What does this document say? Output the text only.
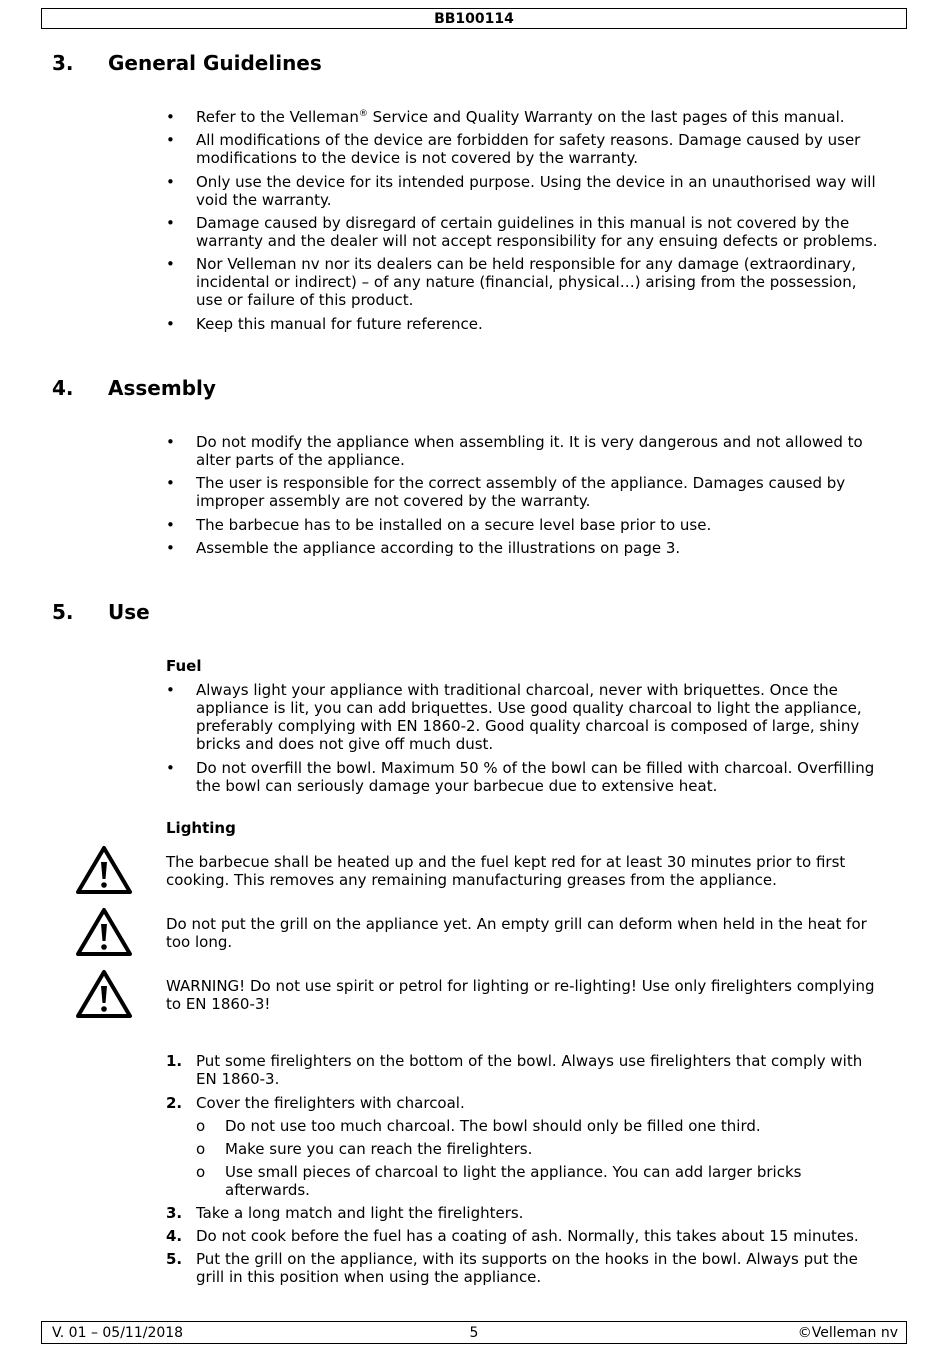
BB100114
3. General Guidelines
• Refer to the Velleman® Service and Quality Warranty on the last pages of this manual.
• All modifications of the device are forbidden for safety reasons. Damage caused by user modifications to the device is not covered by the warranty.
• Only use the device for its intended purpose. Using the device in an unauthorised way will void the warranty.
• Damage caused by disregard of certain guidelines in this manual is not covered by the warranty and the dealer will not accept responsibility for any ensuing defects or problems.
• Nor Velleman nv nor its dealers can be held responsible for any damage (extraordinary, incidental or indirect) – of any nature (financial, physical…) arising from the possession, use or failure of this product.
• Keep this manual for future reference.
4. Assembly
• Do not modify the appliance when assembling it. It is very dangerous and not allowed to alter parts of the appliance.
• The user is responsible for the correct assembly of the appliance. Damages caused by improper assembly are not covered by the warranty.
• The barbecue has to be installed on a secure level base prior to use.
• Assemble the appliance according to the illustrations on page 3.
5. Use
Fuel
• Always light your appliance with traditional charcoal, never with briquettes. Once the appliance is lit, you can add briquettes. Use good quality charcoal to light the appliance, preferably complying with EN 1860-2. Good quality charcoal is composed of large, shiny bricks and does not give off much dust.
• Do not overfill the bowl. Maximum 50 % of the bowl can be filled with charcoal. Overfilling the bowl can seriously damage your barbecue due to extensive heat.
Lighting
The barbecue shall be heated up and the fuel kept red for at least 30 minutes prior to first cooking. This removes any remaining manufacturing greases from the appliance.
Do not put the grill on the appliance yet. An empty grill can deform when held in the heat for too long.
WARNING! Do not use spirit or petrol for lighting or re-lighting! Use only firelighters complying to EN 1860-3!
1. Put some firelighters on the bottom of the bowl. Always use firelighters that comply with EN 1860-3.
2. Cover the firelighters with charcoal.
o Do not use too much charcoal. The bowl should only be filled one third.
o Make sure you can reach the firelighters.
o Use small pieces of charcoal to light the appliance. You can add larger bricks afterwards.
3. Take a long match and light the firelighters.
4. Do not cook before the fuel has a coating of ash. Normally, this takes about 15 minutes.
5. Put the grill on the appliance, with its supports on the hooks in the bowl. Always put the grill in this position when using the appliance.
V. 01 – 05/11/2018	5	©Velleman nv
